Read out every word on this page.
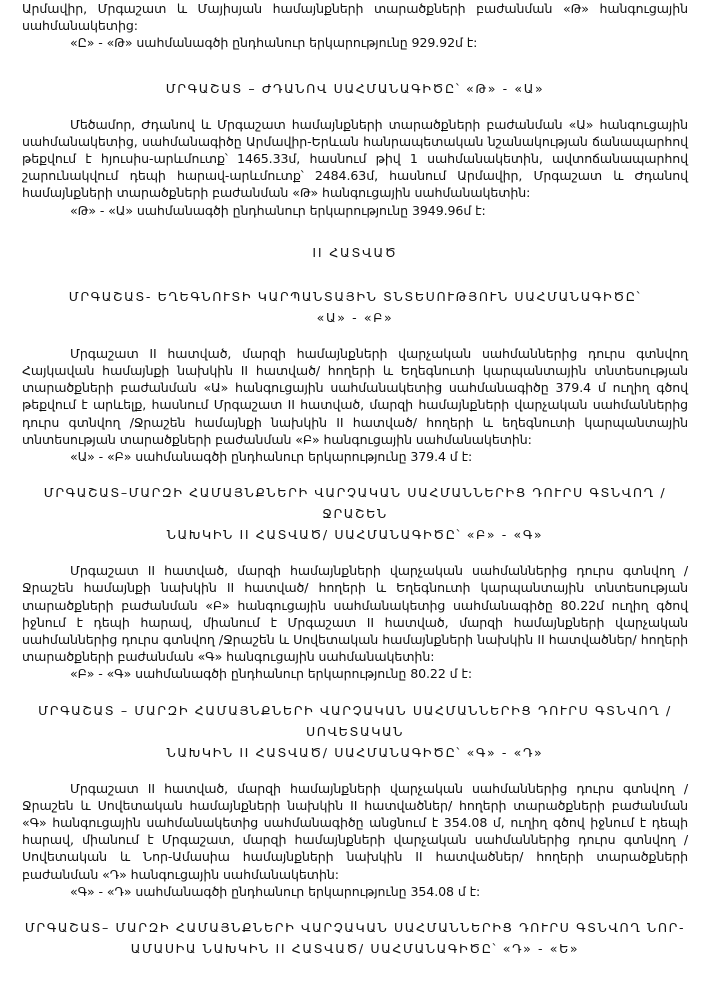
Արմավիր, Մրգաշատ և Մայիսյան համայնքների տարածքների բաժանման «Թ» հանգուցային սահմանակետից:

«Ը» - «Թ» սահմանագծի ընդհանուր երկարությունը 929.92մ է:

ՄՐԳԱՇԱՏ – ԺԴԱՆՈՎ ՍԱՀՄԱՆԱԳԻԾԸ՝ «Թ» - «Ա»

Մեծամոր, Ժդանով և Մրգաշատ համայնքների տարածքների բաժանման «Ա» հանգուցային սահմանակետից, սահմանագիծը Արմավիր-Երևան հանրապետական նշանակության ճանապարհով թեքվում է հյուսիս-արևմուտք՝ 1465.33մ, հասնում թիվ 1 սահմանակետին, ավտոճանապարհով շարունակվում դեպի հարավ-արևմուտք՝ 2484.63մ, հասնում Արմավիր, Մրգաշատ և Ժդանով համայնքների տարածքների բաժանման «Թ» հանգուցային սահմանակետին:

«Թ» - «Ա» սահմանագծի ընդհանուր երկարությունը 3949.96մ է:

II ՀԱՏՎԱԾ

ՄՐԳԱՇԱՏ- ԵՂԵԳՆՈՒՏԻ ԿԱՐՊԱՆՏԱՅԻՆ ՏՆՏԵՍՈՒԹՅՈՒՆ ՍԱՀՄԱՆԱԳԻԾԸ՝
«Ա» - «Բ»

Մրգաշատ II հատված, մարզի համայնքների վարչական սահմաններից դուրս գտնվող Հայկավան համայնքի նախկին II հատված/ հողերի և Եղեգնուտի կարպանտային տնտեսության տարածքների բաժանման «Ա» հանգուցային սահմանակետից սահմանագիծը 379.4 մ ուղիղ գծով թեքվում է արևելք, հասնում Մրգաշատ II հատված, մարզի համայնքների վարչական սահմաններից դուրս գտնվող /Ջրաշեն համայնքի նախկին II հատված/ հողերի և եղեգնուտի կարպանտային տնտեսության տարածքների բաժանման «Բ» հանգուցային սահմանակետին:

«Ա» - «Բ» սահմանագծի ընդհանուր երկարությունը 379.4 մ է:

ՄՐԳԱՇԱՏ–ՄԱՐԶԻ ՀԱՄԱՅՆՔՆԵՐԻ ՎԱՐՉԱԿԱՆ ՍԱՀՄԱՆՆԵՐԻՑ ԴՈՒՐՍ ԳՏՆՎՈՂ /ՋՐԱՇԵՆ
ՆԱԽԿԻՆ II ՀԱՏՎԱԾ/ ՍԱՀՄԱՆԱԳԻԾԸ՝ «Բ» - «Գ»

Մրգաշատ II հատված, մարզի համայնքների վարչական սահմաններից դուրս գտնվող /Ջրաշեն համայնքի նախկին II հատված/ հողերի և Եղեգնուտի կարպանտային տնտեսության տարածքների բաժանման «Բ» հանգուցային սահմանակետից սահմանագիծը 80.22մ ուղիղ գծով իջնում է դեպի հարավ, միանում է Մրգաշատ II հատված, մարզի համայնքների վարչական սահմաններից դուրս գտնվող /Ջրաշեն և Սովետական համայնքների նախկին II հատվածներ/ հողերի տարածքների բաժանման «Գ» հանգուցային սահմանակետին:

«Բ» - «Գ» սահմանագծի ընդհանուր երկարությունը 80.22 մ է:

ՄՐԳԱՇԱՏ – ՄԱՐԶԻ ՀԱՄԱՅՆՔՆԵՐԻ ՎԱՐՉԱԿԱՆ ՍԱՀՄԱՆՆԵՐԻՑ ԴՈՒՐՍ ԳՏՆՎՈՂ /ՍՈՎԵՏԱԿԱՆ
ՆԱԽԿԻՆ II ՀԱՏՎԱԾ/ ՍԱՀՄԱՆԱԳԻԾԸ՝ «Գ» - «Դ»

Մրգաշատ II հատված, մարզի համայնքների վարչական սահմաններից դուրս գտնվող /Ջրաշեն և Սովետական համայնքների նախկին II հատվածներ/ հողերի տարածքների բաժանման «Գ» հանգուցային սահմանակետից սահմանագիծը անցնում է 354.08 մ, ուղիղ գծով իջնում է դեպի հարավ, միանում է Մրգաշատ, մարզի համայնքների վարչական սահմաններից դուրս գտնվող /Սովետական և Նոր-Ամասիա համայնքների նախկին II հատվածներ/ հողերի տարածքների բաժանման «Դ» հանգուցային սահմանակետին:

«Գ» - «Դ» սահմանագծի ընդհանուր երկարությունը 354.08 մ է:

ՄՐԳԱՇԱՏ– ՄԱՐԶԻ ՀԱՄԱՅՆՔՆԵՐԻ ՎԱՐՉԱԿԱՆ ՍԱՀՄԱՆՆԵՐԻՑ ԴՈՒՐՍ ԳՏՆՎՈՂ ՆՈՐ-
ԱՄԱՍԻԱ ՆԱԽԿԻՆ II ՀԱՏՎԱԾ/ ՍԱՀՄԱՆԱԳԻԾԸ՝ «Դ» - «Ե»
